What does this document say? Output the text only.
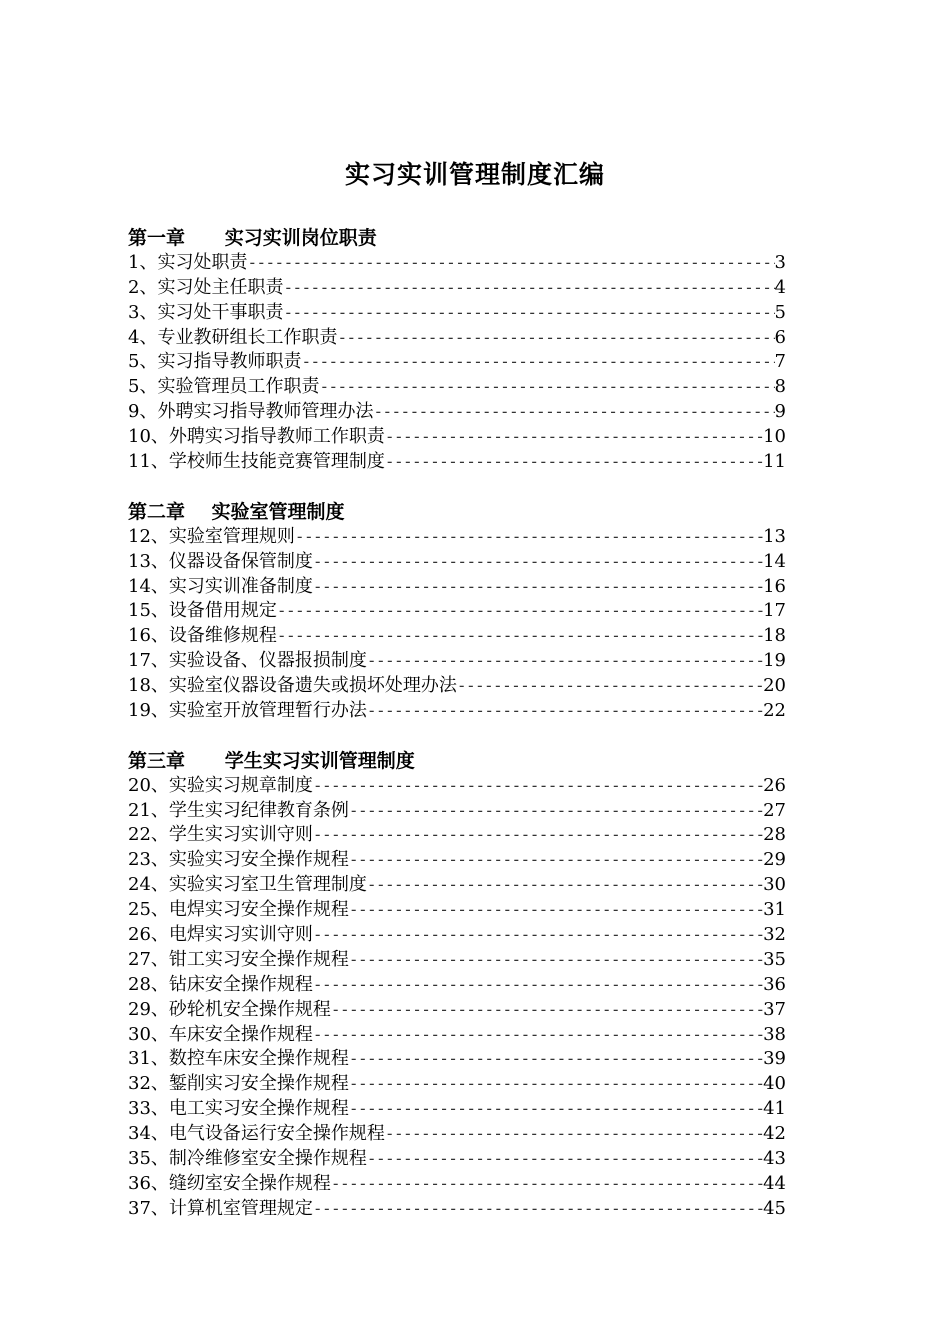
实习实训管理制度汇编
第一章      实习实训岗位职责
1、实习处职责 -----	3
2、实习处主任职责 -----	4
3、实习处干事职责 -----	5
4、专业教研组长工作职责 -----	6
5、实习指导教师职责 -----	7
5、实验管理员工作职责 -----	8
9、外聘实习指导教师管理办法 -----	9
10、外聘实习指导教师工作职责 -----	10
11、学校师生技能竞赛管理制度 -----	11
第二章    实验室管理制度
12、实验室管理规则 -----	13
13、仪器设备保管制度 -----	14
14、实习实训准备制度 -----	16
15、设备借用规定 -----	17
16、设备维修规程 -----	18
17、实验设备、仪器报损制度 -----	19
18、实验室仪器设备遗失或损坏处理办法 -----	20
19、实验室开放管理暂行办法 -----	22
第三章      学生实习实训管理制度
20、实验实习规章制度 -----	26
21、学生实习纪律教育条例 -----	27
22、学生实习实训守则 -----	28
23、实验实习安全操作规程 -----	29
24、实验实习室卫生管理制度 -----	30
25、电焊实习安全操作规程 -----	31
26、电焊实习实训守则 -----	32
27、钳工实习安全操作规程 -----	35
28、钻床安全操作规程 -----	36
29、砂轮机安全操作规程 -----	37
30、车床安全操作规程 -----	38
31、数控车床安全操作规程 -----	39
32、錾削实习安全操作规程 -----	40
33、电工实习安全操作规程 -----	41
34、电气设备运行安全操作规程 -----	42
35、制冷维修室安全操作规程 -----	43
36、缝纫室安全操作规程 -----	44
37、计算机室管理规定 -----	45
